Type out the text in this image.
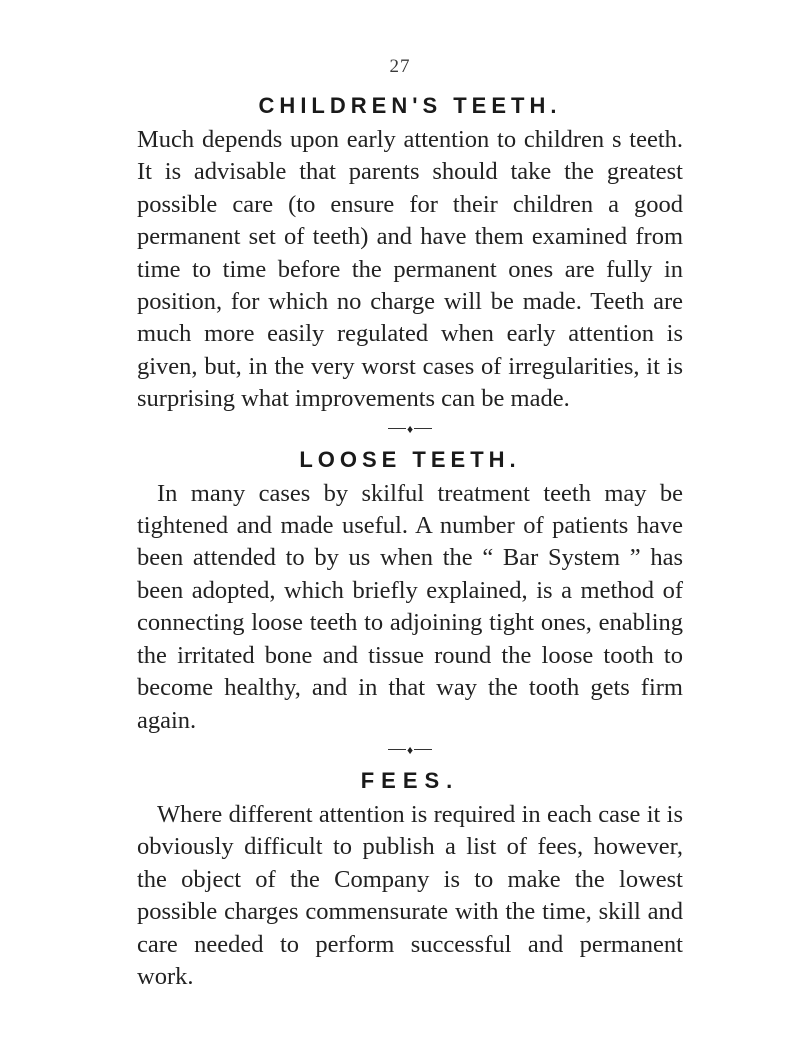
27
CHILDREN'S TEETH.

Much depends upon early attention to children s teeth. It is advisable that parents should take the greatest possible care (to ensure for their children a good permanent set of teeth) and have them examined from time to time before the permanent ones are fully in position, for which no charge will be made. Teeth are much more easily regulated when early attention is given, but, in the very worst cases of irregularities, it is surprising what improvements can be made.

♦
LOOSE TEETH.

In many cases by skilful treatment teeth may be tightened and made useful. A number of patients have been attended to by us when the “ Bar System ” has been adopted, which briefly explained, is a method of connecting loose teeth to adjoining tight ones, enabling the irritated bone and tissue round the loose tooth to become healthy, and in that way the tooth gets firm again.

♦
FEES.

Where different attention is required in each case it is obviously difficult to publish a list of fees, however, the object of the Company is to make the lowest possible charges commensurate with the time, skill and care needed to perform successful and permanent work.
